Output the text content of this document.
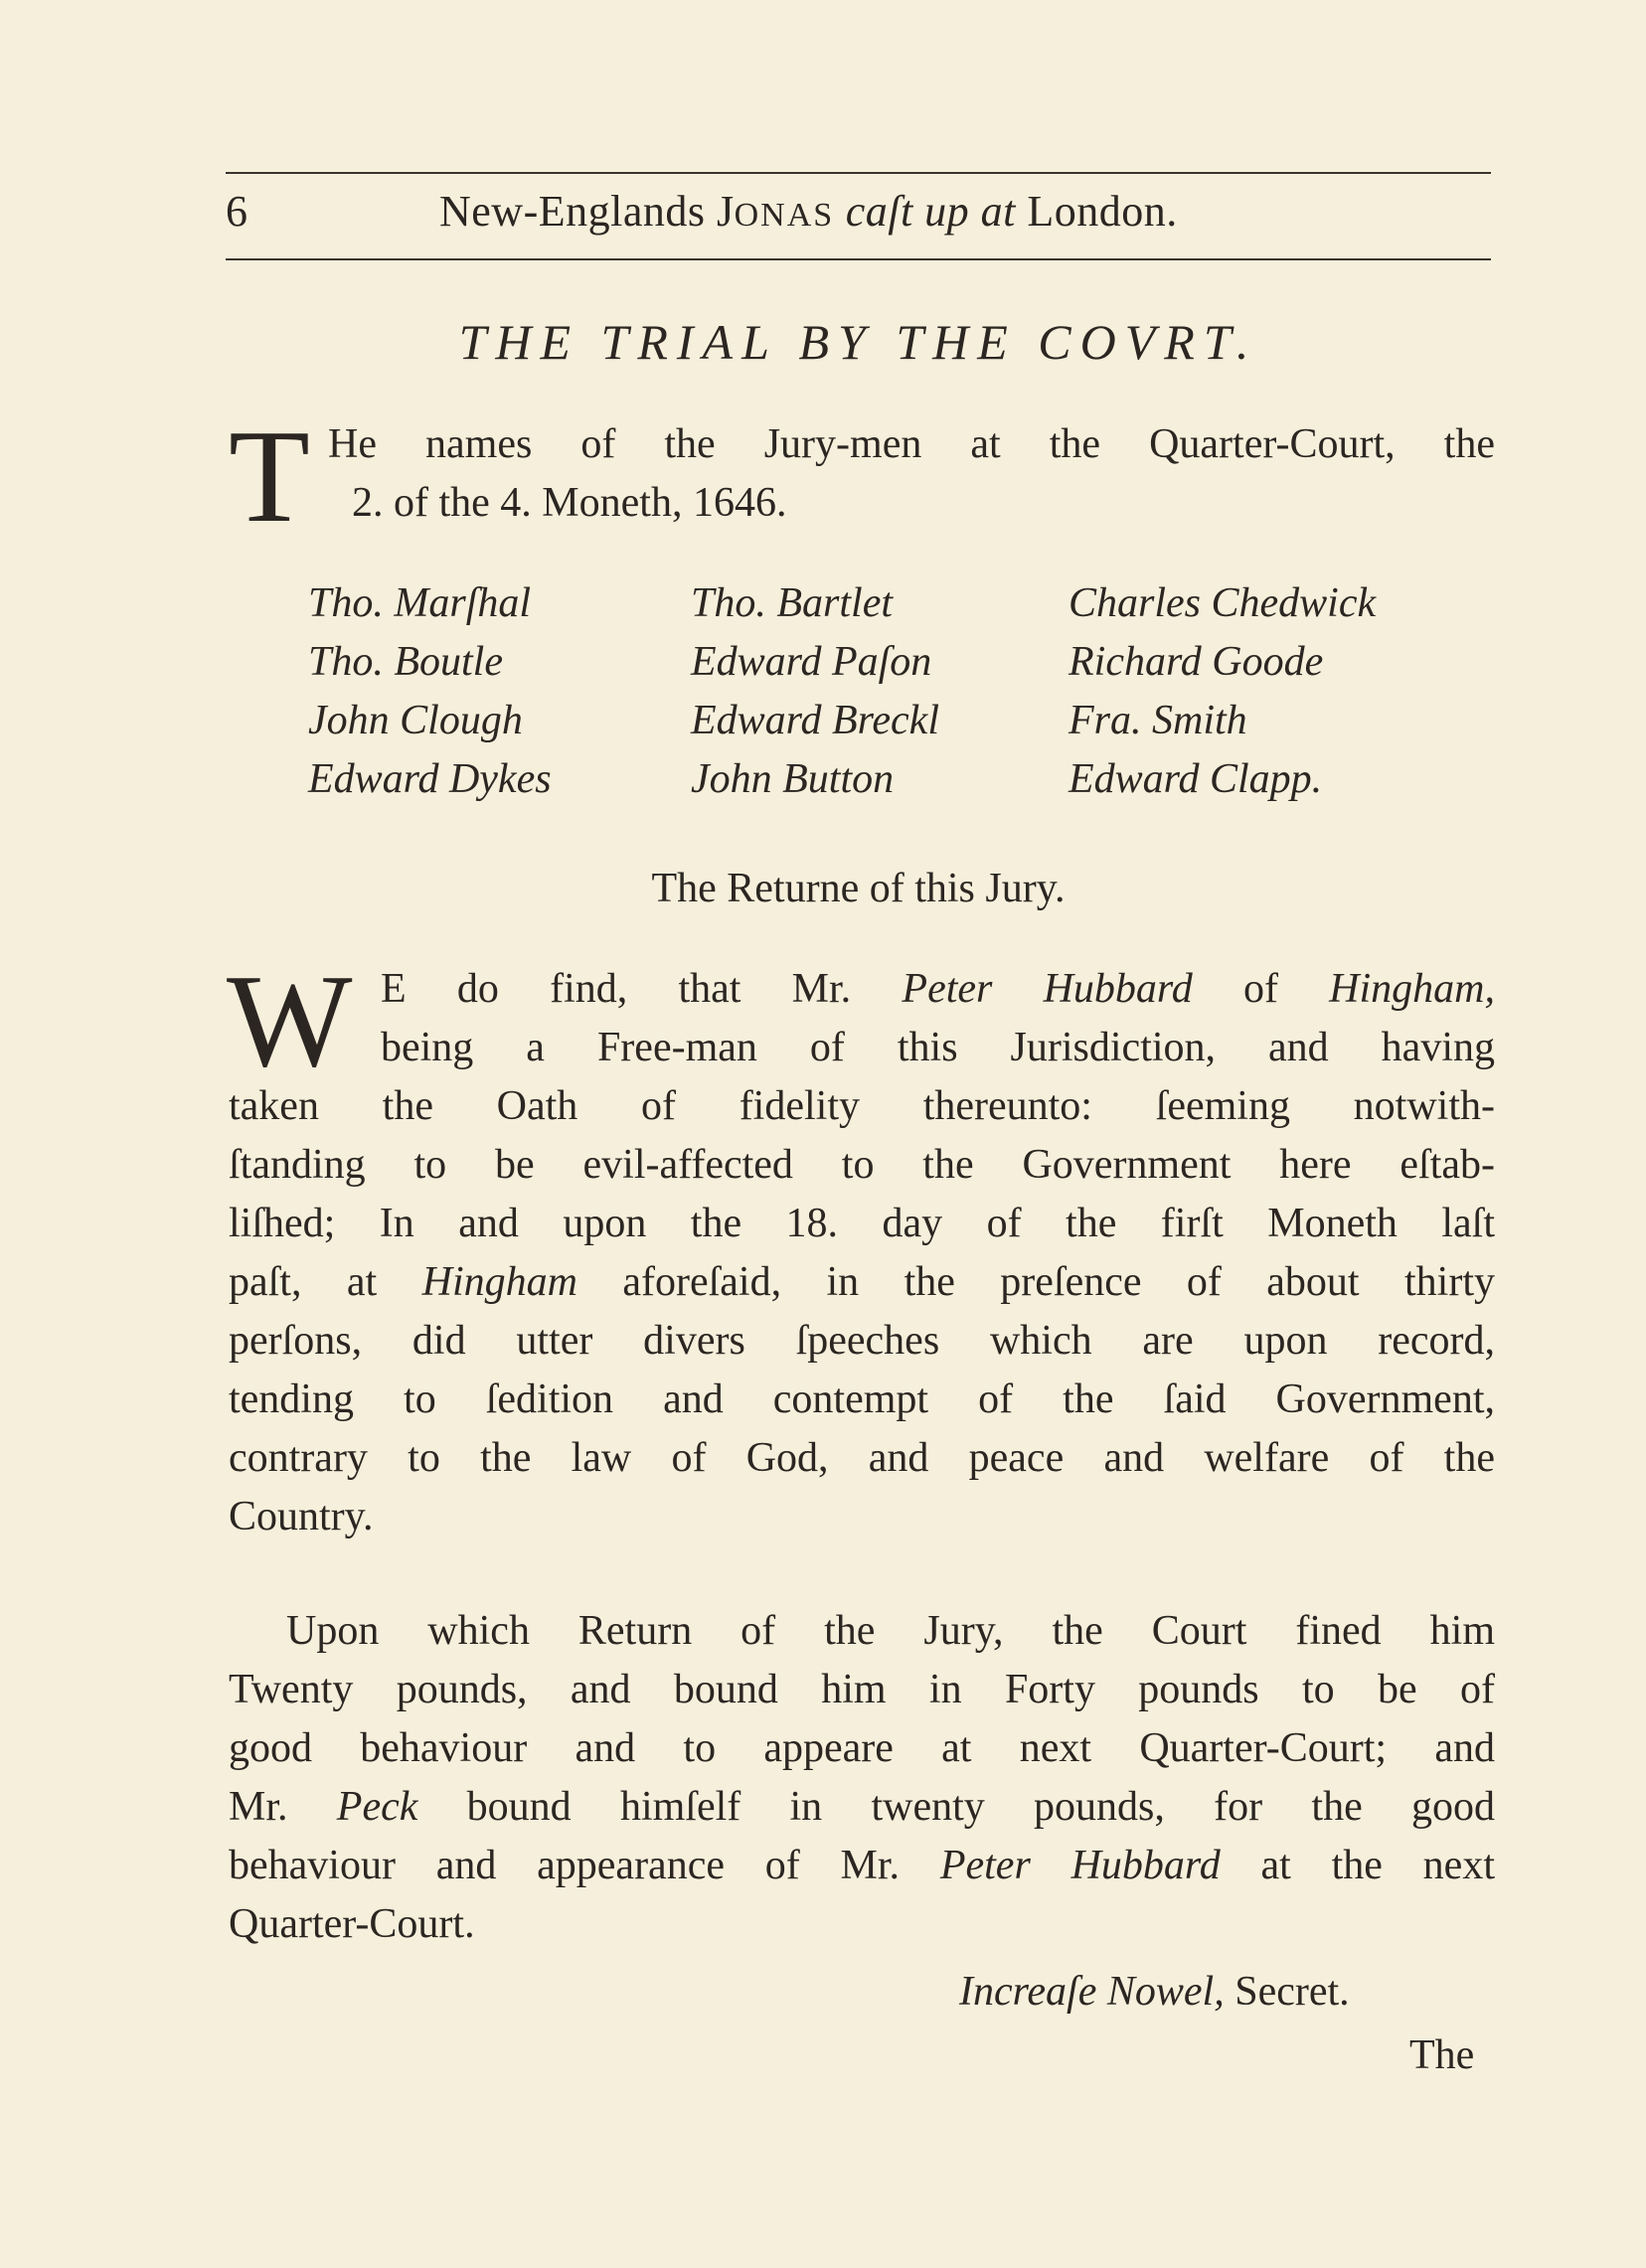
6	New-Englands JONAS caſt up at London.
THE TRIAL BY THE COVRT.
T He names of the Jury-men at the Quarter-Court, the
2. of the 4. Moneth, 1646.
Tho. Marſhal
Tho. Boutle
John Clough
Edward Dykes
Tho. Bartlet
Edward Paſon
Edward Breckl
John Button
Charles Chedwick
Richard Goode
Fra. Smith
Edward Clapp.
The Returne of this Jury.
W E do find, that Mr. Peter Hubbard of Hingham,
being a Free-man of this Jurisdiction, and having
taken the Oath of fidelity thereunto: ſeeming notwith-
ſtanding to be evil-affected to the Government here eſtab-
liſhed; In and upon the 18. day of the firſt Moneth laſt
paſt, at Hingham aforeſaid, in the preſence of about thirty
perſons, did utter divers ſpeeches which are upon record,
tending to ſedition and contempt of the ſaid Government,
contrary to the law of God, and peace and welfare of the
Country.
Upon which Return of the Jury, the Court fined him
Twenty pounds, and bound him in Forty pounds to be of
good behaviour and to appeare at next Quarter-Court; and
Mr. Peck bound himſelf in twenty pounds, for the good
behaviour and appearance of Mr. Peter Hubbard at the next
Quarter-Court.
Increaſe Nowel, Secret.
The
